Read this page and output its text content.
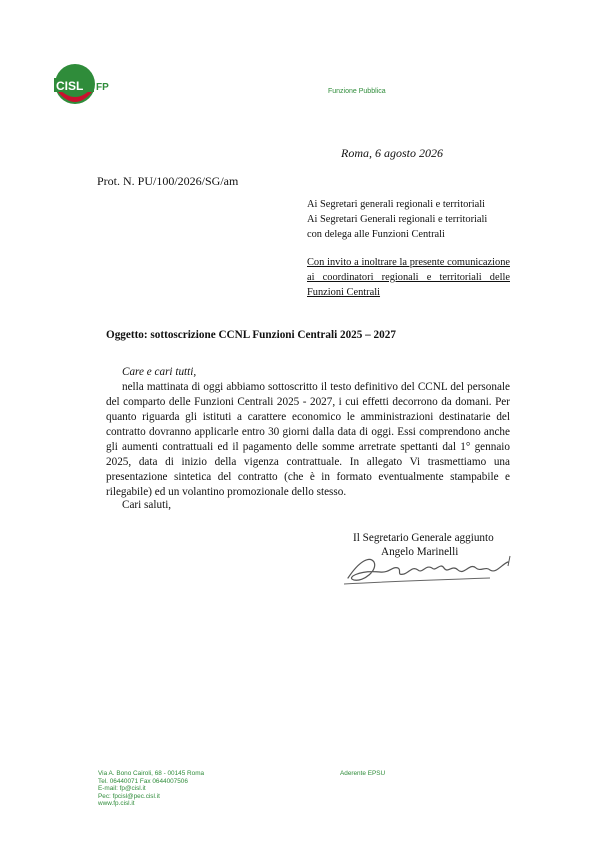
CISL FP	Funzione Pubblica
Roma, 6 agosto 2026
Prot. N. PU/100/2026/SG/am
Ai Segretari generali regionali e territoriali
Ai Segretari Generali regionali e territoriali
con delega alle Funzioni Centrali
Con invito a inoltrare la presente comunicazione ai coordinatori regionali e territoriali delle Funzioni Centrali
Oggetto: sottoscrizione CCNL Funzioni Centrali 2025 – 2027
Care e cari tutti,

nella mattinata di oggi abbiamo sottoscritto il testo definitivo del CCNL del personale del comparto delle Funzioni Centrali 2025 - 2027, i cui effetti decorrono da domani. Per quanto riguarda gli istituti a carattere economico le amministrazioni destinatarie del contratto dovranno applicarle entro 30 giorni dalla data di oggi. Essi comprendono anche gli aumenti contrattuali ed il pagamento delle somme arretrate spettanti dal 1° gennaio 2025, data di inizio della vigenza contrattuale. In allegato Vi trasmettiamo una presentazione sintetica del contratto (che è in formato eventualmente stampabile e rilegabile) ed un volantino promozionale dello stesso.

Cari saluti,
Il Segretario Generale aggiunto
Angelo Marinelli
Via A. Bono Cairoli, 68 - 00145 Roma
Tel. 06440071 Fax 0644007506
E-mail: fp@cisl.it
Pec: fpcisl@pec.cisl.it
www.fp.cisl.it
Aderente EPSU
